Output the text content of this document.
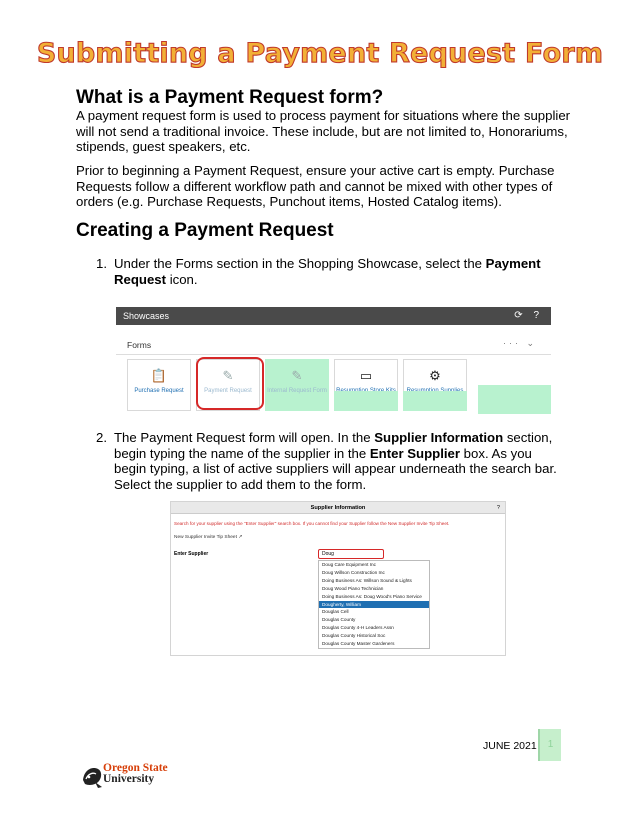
Submitting a Payment Request Form
What is a Payment Request form?
A payment request form is used to process payment for situations where the supplier will not send a traditional invoice. These include, but are not limited to, Honorariums, stipends, guest speakers, etc.
Prior to beginning a Payment Request, ensure your active cart is empty. Purchase Requests follow a different workflow path and cannot be mixed with other types of orders (e.g. Purchase Requests, Punchout items, Hosted Catalog items).
Creating a Payment Request
1. Under the Forms section in the Shopping Showcase, select the Payment Request icon.
Showcases	⟳ ?
Forms	··· ⌄
📋
Purchase Request
✎
Payment Request
✎
Internal Request Form
▭	⚙
2. The Payment Request form will open. In the Supplier Information section, begin typing the name of the supplier in the Enter Supplier box. As you begin typing, a list of active suppliers will appear underneath the search bar. Select the supplier to add them to the form.
Supplier Information	?
Search for your supplier using the "Enter Supplier" search box. If you cannot find your Supplier follow the New Supplier Invite Tip Sheet.
New Supplier Invite Tip Sheet ↗
Enter Supplier	Doug
Doug Care Equipment Inc
Doug Willson Construction Inc
Doing Business As: Willson Sound & Lights
Doug Wood Piano Technician
Doing Business As: Doug Wood's Piano Service
Dougherty, William
Douglas Cell
Douglas County
Douglas County 4-H Leaders Assn
Douglas County Historical Soc
Douglas County Master Gardeners
JUNE 2021	1
Oregon State
University
